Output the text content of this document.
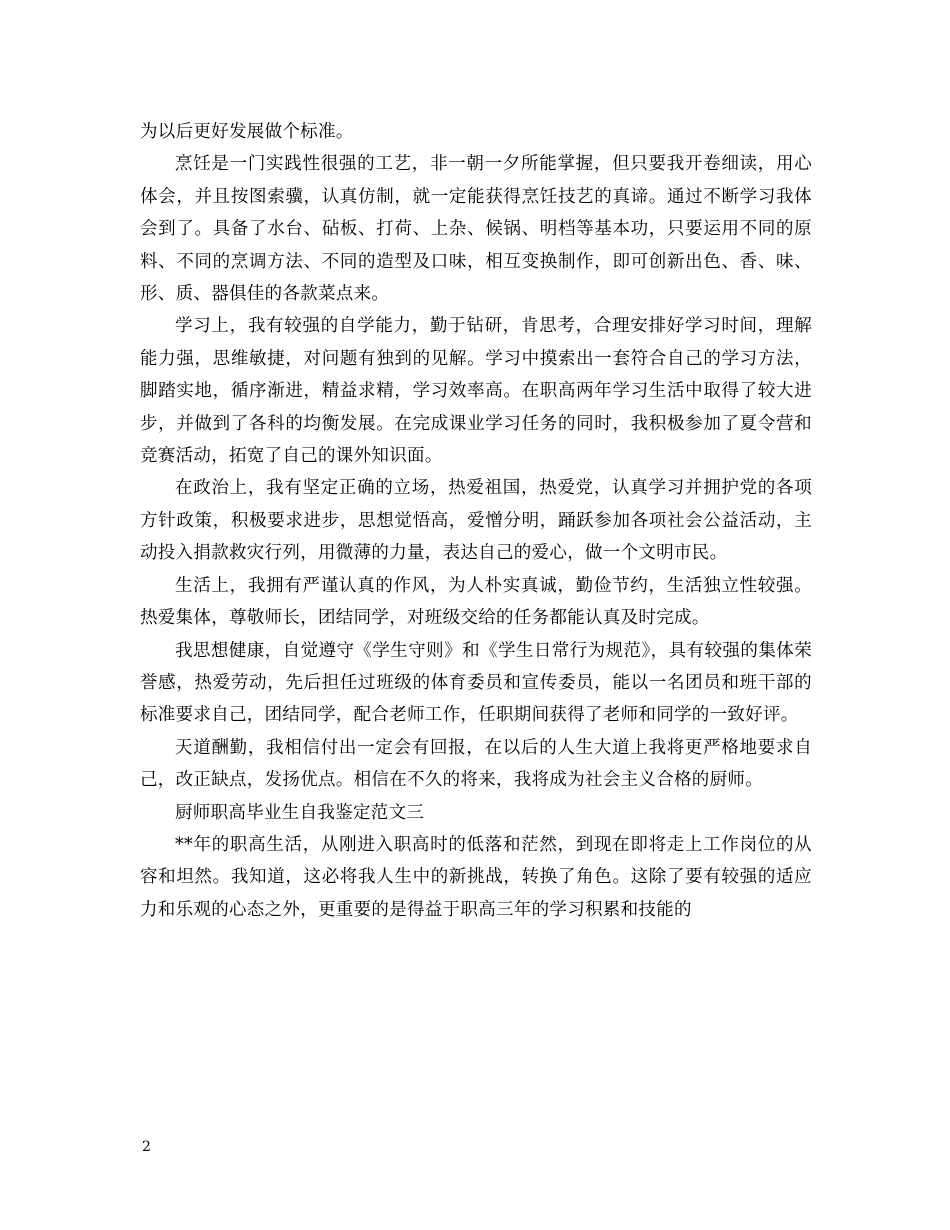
为以后更好发展做个标准。

烹饪是一门实践性很强的工艺，非一朝一夕所能掌握，但只要我开卷细读，用心体会，并且按图索骥，认真仿制，就一定能获得烹饪技艺的真谛。通过不断学习我体会到了。具备了水台、砧板、打荷、上杂、候锅、明档等基本功，只要运用不同的原料、不同的烹调方法、不同的造型及口味，相互变换制作，即可创新出色、香、味、形、质、器俱佳的各款菜点来。

学习上，我有较强的自学能力，勤于钻研，肯思考，合理安排好学习时间，理解能力强，思维敏捷，对问题有独到的见解。学习中摸索出一套符合自己的学习方法，脚踏实地，循序渐进，精益求精，学习效率高。在职高两年学习生活中取得了较大进步，并做到了各科的均衡发展。在完成课业学习任务的同时，我积极参加了夏令营和竞赛活动，拓宽了自己的课外知识面。

在政治上，我有坚定正确的立场，热爱祖国，热爱党，认真学习并拥护党的各项方针政策，积极要求进步，思想觉悟高，爱憎分明，踊跃参加各项社会公益活动，主动投入捐款救灾行列，用微薄的力量，表达自己的爱心，做一个文明市民。

生活上，我拥有严谨认真的作风，为人朴实真诚，勤俭节约，生活独立性较强。热爱集体，尊敬师长，团结同学，对班级交给的任务都能认真及时完成。

我思想健康，自觉遵守《学生守则》和《学生日常行为规范》，具有较强的集体荣誉感，热爱劳动，先后担任过班级的体育委员和宣传委员，能以一名团员和班干部的标准要求自己，团结同学，配合老师工作，任职期间获得了老师和同学的一致好评。

天道酬勤，我相信付出一定会有回报，在以后的人生大道上我将更严格地要求自己，改正缺点，发扬优点。相信在不久的将来，我将成为社会主义合格的厨师。

厨师职高毕业生自我鉴定范文三

**年的职高生活，从刚进入职高时的低落和茫然，到现在即将走上工作岗位的从容和坦然。我知道，这必将我人生中的新挑战，转换了角色。这除了要有较强的适应力和乐观的心态之外，更重要的是得益于职高三年的学习积累和技能的

2
